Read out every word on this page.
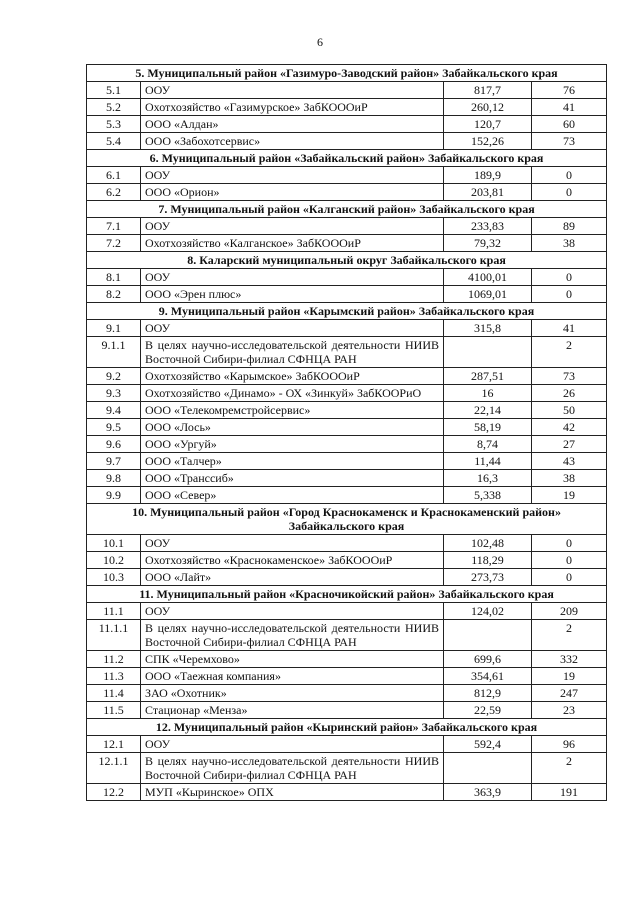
6
5. Муниципальный район «Газимуро-Заводский район» Забайкальского края			
5.1	ООУ	817,7	76
5.2	Охотхозяйство «Газимурское» ЗабКОООиР	260,12	41
5.3	ООО «Алдан»	120,7	60
5.4	ООО «Забохотсервис»	152,26	73
6. Муниципальный район «Забайкальский район» Забайкальского края			
6.1	ООУ	189,9	0
6.2	ООО «Орион»	203,81	0
7. Муниципальный район «Калганский район» Забайкальского края			
7.1	ООУ	233,83	89
7.2	Охотхозяйство «Калганское» ЗабКОООиР	79,32	38
8. Каларский муниципальный округ Забайкальского края			
8.1	ООУ	4100,01	0
8.2	ООО «Эрен плюс»	1069,01	0
9. Муниципальный район «Карымский район» Забайкальского края			
9.1	ООУ	315,8	41
9.1.1	В целях научно-исследовательской деятельности НИИВ Восточной Сибири-филиал СФНЦА РАН		2
9.2	Охотхозяйство «Карымское» ЗабКОООиР	287,51	73
9.3	Охотхозяйство «Динамо» - ОХ «Зинкуй» ЗабКООРиО	16	26
9.4	ООО «Телекомремстройсервис»	22,14	50
9.5	ООО «Лось»	58,19	42
9.6	ООО «Ургуй»	8,74	27
9.7	ООО «Талчер»	11,44	43
9.8	ООО «Транссиб»	16,3	38
9.9	ООО «Север»	5,338	19
10. Муниципальный район «Город Краснокаменск и Краснокаменский район» Забайкальского края			
10.1	ООУ	102,48	0
10.2	Охотхозяйство «Краснокаменское» ЗабКОООиР	118,29	0
10.3	ООО «Лайт»	273,73	0
11. Муниципальный район «Красночикойский район» Забайкальского края			
11.1	ООУ	124,02	209
11.1.1	В целях научно-исследовательской деятельности НИИВ Восточной Сибири-филиал СФНЦА РАН		2
11.2	СПК «Черемхово»	699,6	332
11.3	ООО «Таежная компания»	354,61	19
11.4	ЗАО «Охотник»	812,9	247
11.5	Стационар «Менза»	22,59	23
12. Муниципальный район «Кыринский район» Забайкальского края			
12.1	ООУ	592,4	96
12.1.1	В целях научно-исследовательской деятельности НИИВ Восточной Сибири-филиал СФНЦА РАН		2
12.2	МУП «Кыринское» ОПХ	363,9	191
